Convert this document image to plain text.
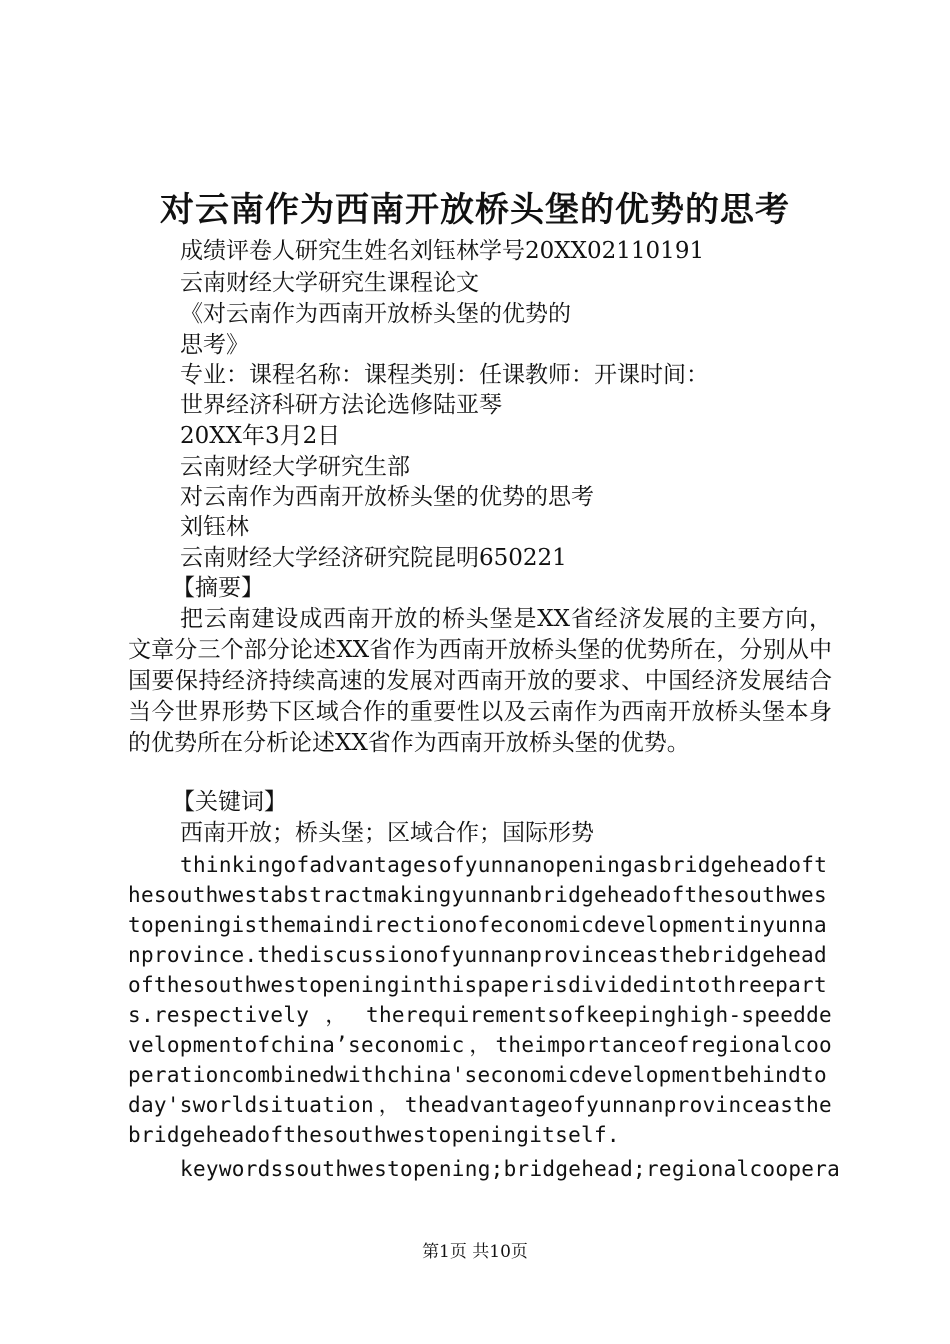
对云南作为西南开放桥头堡的优势的思考
成绩评卷人研究生姓名刘钰林学号20XX02110191
云南财经大学研究生课程论文
《对云南作为西南开放桥头堡的优势的
思考》
专业：课程名称：课程类别：任课教师：开课时间：
世界经济科研方法论选修陆亚琴
20XX年3月2日
云南财经大学研究生部
对云南作为西南开放桥头堡的优势的思考
刘钰林
云南财经大学经济研究院昆明650221
【摘要】
把云南建设成西南开放的桥头堡是XX省经济发展的主要方向，文章分三个部分论述XX省作为西南开放桥头堡的优势所在，分别从中国要保持经济持续高速的发展对西南开放的要求、中国经济发展结合当今世界形势下区域合作的重要性以及云南作为西南开放桥头堡本身的优势所在分析论述XX省作为西南开放桥头堡的优势。
【关键词】
西南开放；桥头堡；区域合作；国际形势
thinkingofadvantagesofyunnanopeningasbridgeheadofthesouthwestabstractmakingyunnanbridgeheadofthesouthwestopeningisthemaindirectionofeconomicdevelopmentinyunnanprovince.thediscussionofyunnanprovinceasthebridgeheadofthesouthwestopeninginthispaperisdividedintothreeparts.respectively ， therequirementsofkeepinghigh-speeddevelopmentofchina’seconomic，theimportanceofregionalcooperationcombinedwithchina'seconomicdevelopmentbehindtoday'sworldsituation，theadvantageofyunnanprovinceasthebridgeheadofthesouthwestopeningitself.
keywordssouthwestopening;bridgehead;regionalcoopera
第1页 共10页
